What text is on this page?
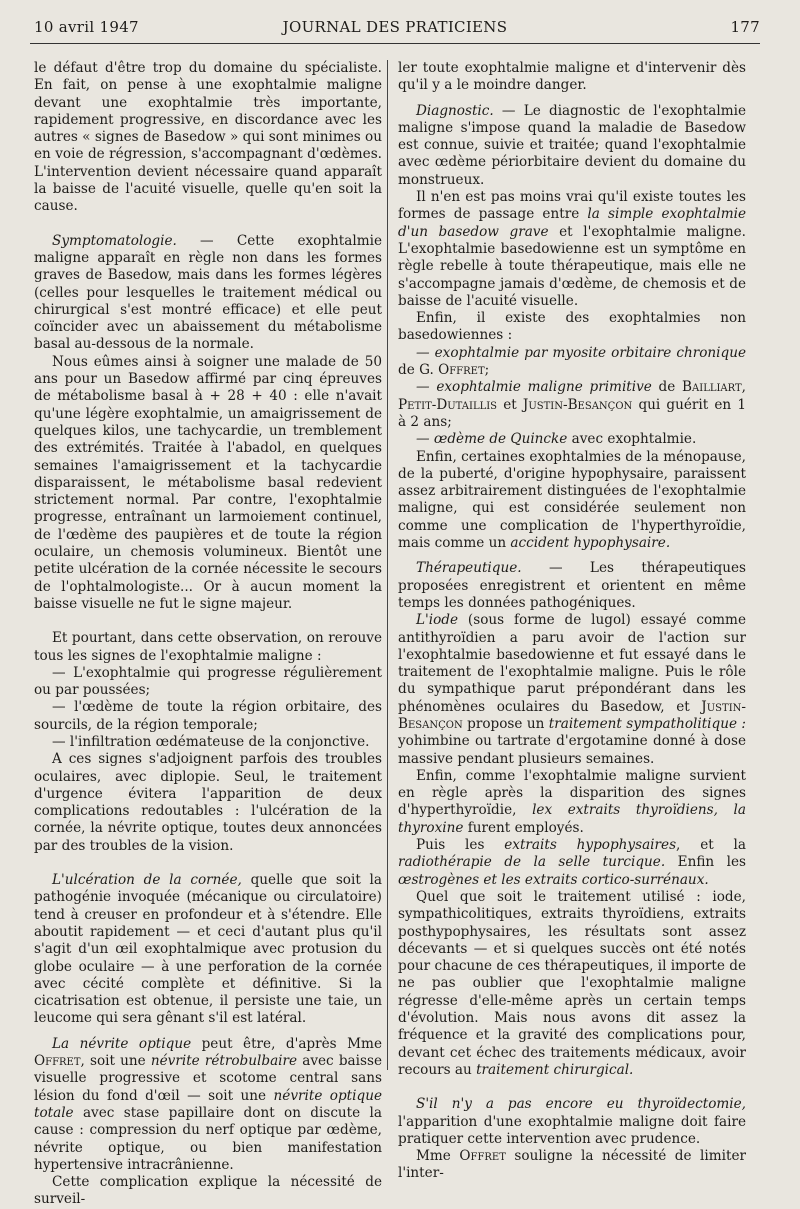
10 avril 1947	JOURNAL DES PRATICIENS	177

le défaut d'être trop du domaine du spécialiste. En fait, on pense à une exophtalmie maligne devant une exophtalmie très importante, rapidement progressive, en discordance avec les autres « signes de Basedow » qui sont minimes ou en voie de régression, s'accompagnant d'œdèmes. L'intervention devient nécessaire quand apparaît la baisse de l'acuité visuelle, quelle qu'en soit la cause.

Symptomatologie. — Cette exophtalmie maligne apparaît en règle non dans les formes graves de Basedow, mais dans les formes légères (celles pour lesquelles le traitement médical ou chirurgical s'est montré efficace) et elle peut coïncider avec un abaissement du métabolisme basal au-dessous de la normale.

Nous eûmes ainsi à soigner une malade de 50 ans pour un Basedow affirmé par cinq épreuves de métabolisme basal à + 28 + 40 : elle n'avait qu'une légère exophtalmie, un amaigrissement de quelques kilos, une tachycardie, un tremblement des extrémités. Traitée à l'abadol, en quelques semaines l'amaigrissement et la tachycardie disparaissent, le métabolisme basal redevient strictement normal. Par contre, l'exophtalmie progresse, entraînant un larmoiement continuel, de l'œdème des paupières et de toute la région oculaire, un chemosis volumineux. Bientôt une petite ulcération de la cornée nécessite le secours de l'ophtalmologiste... Or à aucun moment la baisse visuelle ne fut le signe majeur.

Et pourtant, dans cette observation, on rerouve tous les signes de l'exophtalmie maligne :

— L'exophtalmie qui progresse régulièrement ou par poussées;

— l'œdème de toute la région orbitaire, des sourcils, de la région temporale;

— l'infiltration œdémateuse de la conjonctive.

A ces signes s'adjoignent parfois des troubles oculaires, avec diplopie. Seul, le traitement d'urgence évitera l'apparition de deux complications redoutables : l'ulcération de la cornée, la névrite optique, toutes deux annoncées par des troubles de la vision.

L'ulcération de la cornée, quelle que soit la pathogénie invoquée (mécanique ou circulatoire) tend à creuser en profondeur et à s'étendre. Elle aboutit rapidement — et ceci d'autant plus qu'il s'agit d'un œil exophtalmique avec protusion du globe oculaire — à une perforation de la cornée avec cécité complète et définitive. Si la cicatrisation est obtenue, il persiste une taie, un leucome qui sera gênant s'il est latéral.

La névrite optique peut être, d'après Mme Offret, soit une névrite rétrobulbaire avec baisse visuelle progressive et scotome central sans lésion du fond d'œil — soit une névrite optique totale avec stase papillaire dont on discute la cause : compression du nerf optique par œdème, névrite optique, ou bien manifestation hypertensive intracrânienne.

Cette complication explique la nécessité de surveil-

ler toute exophtalmie maligne et d'intervenir dès qu'il y a le moindre danger.

Diagnostic. — Le diagnostic de l'exophtalmie maligne s'impose quand la maladie de Basedow est connue, suivie et traitée; quand l'exophtalmie avec œdème périorbitaire devient du domaine du monstrueux.

Il n'en est pas moins vrai qu'il existe toutes les formes de passage entre la simple exophtalmie d'un basedow grave et l'exophtalmie maligne. L'exophtalmie basedowienne est un symptôme en règle rebelle à toute thérapeutique, mais elle ne s'accompagne jamais d'œdème, de chemosis et de baisse de l'acuité visuelle.

Enfin, il existe des exophtalmies non basedowiennes :

— exophtalmie par myosite orbitaire chronique de G. Offret;

— exophtalmie maligne primitive de Bailliart, Petit-Dutaillis et Justin-Besançon qui guérit en 1 à 2 ans;

— œdème de Quincke avec exophtalmie.

Enfin, certaines exophtalmies de la ménopause, de la puberté, d'origine hypophysaire, paraissent assez arbitrairement distinguées de l'exophtalmie maligne, qui est considérée seulement non comme une complication de l'hyperthyroïdie, mais comme un accident hypophysaire.

Thérapeutique. — Les thérapeutiques proposées enregistrent et orientent en même temps les données pathogéniques.

L'iode (sous forme de lugol) essayé comme antithyroïdien a paru avoir de l'action sur l'exophtalmie basedowienne et fut essayé dans le traitement de l'exophtalmie maligne. Puis le rôle du sympathique parut prépondérant dans les phénomènes oculaires du Basedow, et Justin-Besançon propose un traitement sympatholitique : yohimbine ou tartrate d'ergotamine donné à dose massive pendant plusieurs semaines.

Enfin, comme l'exophtalmie maligne survient en règle après la disparition des signes d'hyperthyroïdie, lex extraits thyroïdiens, la thyroxine furent employés.

Puis les extraits hypophysaires, et la radiothérapie de la selle turcique. Enfin les œstrogènes et les extraits cortico-surrénaux.

Quel que soit le traitement utilisé : iode, sympathicolitiques, extraits thyroïdiens, extraits posthypophysaires, les résultats sont assez décevants — et si quelques succès ont été notés pour chacune de ces thérapeutiques, il importe de ne pas oublier que l'exophtalmie maligne régresse d'elle-même après un certain temps d'évolution. Mais nous avons dit assez la fréquence et la gravité des complications pour, devant cet échec des traitements médicaux, avoir recours au traitement chirurgical.

S'il n'y a pas encore eu thyroïdectomie, l'apparition d'une exophtalmie maligne doit faire pratiquer cette intervention avec prudence.

Mme Offret souligne la nécessité de limiter l'inter-
